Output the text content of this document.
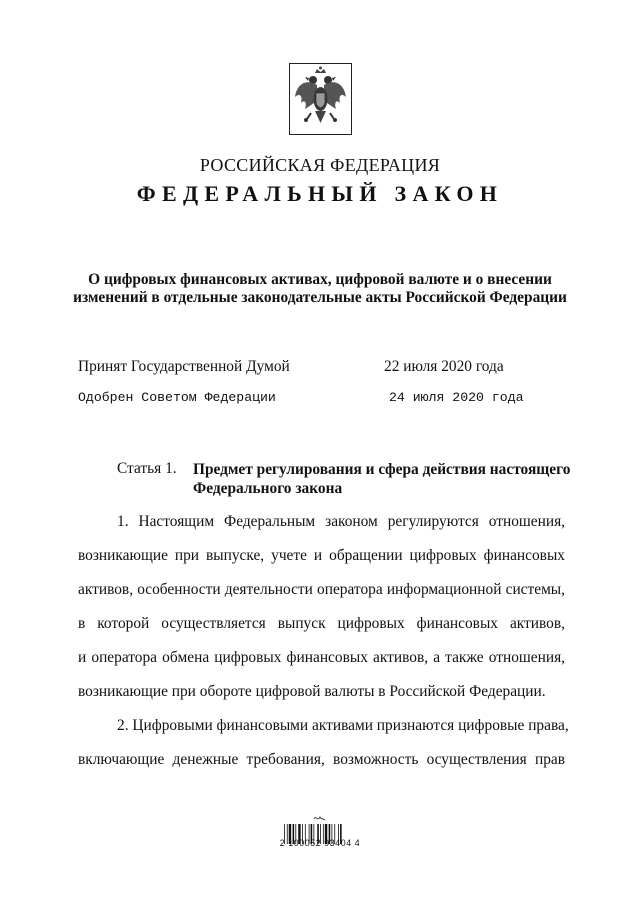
РОССИЙСКАЯ ФЕДЕРАЦИЯ
ФЕДЕРАЛЬНЫЙ ЗАКОН
О цифровых финансовых активах, цифровой валюте и о внесении изменений в отдельные законодательные акты Российской Федерации
Принят Государственной Думой	22 июля 2020 года
Одобрен Советом Федерации	24 июля 2020 года
Статья 1. Предмет регулирования и сфера действия настоящего Федерального закона
1. Настоящим Федеральным законом регулируются отношения,
возникающие при выпуске, учете и обращении цифровых финансовых
активов, особенности деятельности оператора информационной системы,
в которой осуществляется выпуск цифровых финансовых активов,
и оператора обмена цифровых финансовых активов, а также отношения,
возникающие при обороте цифровой валюты в Российской Федерации.
2. Цифровыми финансовыми активами признаются цифровые права,
включающие денежные требования, возможность осуществления прав
2 100052 93404 4
